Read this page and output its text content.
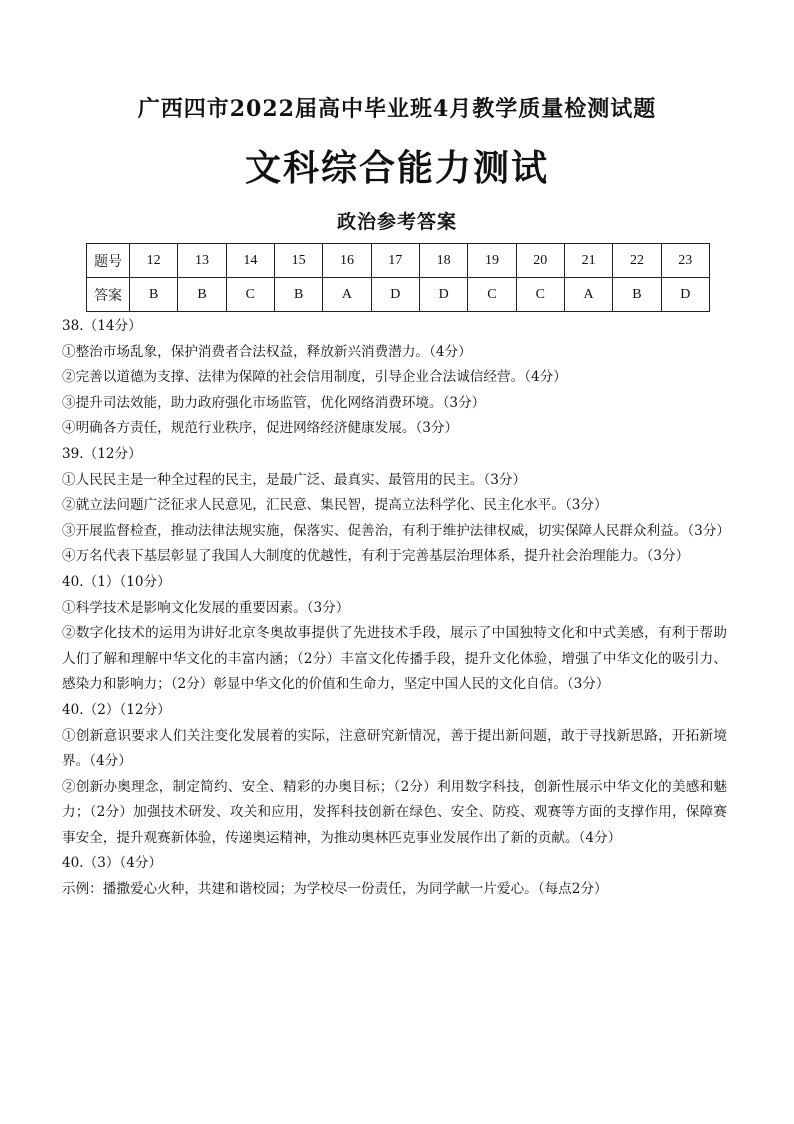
广西四市2022届高中毕业班4月教学质量检测试题
文科综合能力测试
政治参考答案
题号	12	13	14	15	16	17	18	19	20	21	22	23
答案	B	B	C	B	A	D	D	C	C	A	B	D
38.（14分）
①整治市场乱象，保护消费者合法权益，释放新兴消费潜力。（4分）
②完善以道德为支撑、法律为保障的社会信用制度，引导企业合法诚信经营。（4分）
③提升司法效能，助力政府强化市场监管，优化网络消费环境。（3分）
④明确各方责任，规范行业秩序，促进网络经济健康发展。（3分）
39.（12分）
①人民民主是一种全过程的民主，是最广泛、最真实、最管用的民主。（3分）
②就立法问题广泛征求人民意见，汇民意、集民智，提高立法科学化、民主化水平。（3分）
③开展监督检查，推动法律法规实施，保落实、促善治，有利于维护法律权威，切实保障人民群众利益。（3分）
④万名代表下基层彰显了我国人大制度的优越性，有利于完善基层治理体系，提升社会治理能力。（3分）
40.（1）（10分）
①科学技术是影响文化发展的重要因素。（3分）
②数字化技术的运用为讲好北京冬奥故事提供了先进技术手段，展示了中国独特文化和中式美感，有利于帮助人们了解和理解中华文化的丰富内涵；（2分）丰富文化传播手段，提升文化体验，增强了中华文化的吸引力、感染力和影响力；（2分）彰显中华文化的价值和生命力，坚定中国人民的文化自信。（3分）
40.（2）（12分）
①创新意识要求人们关注变化发展着的实际，注意研究新情况，善于提出新问题，敢于寻找新思路，开拓新境界。（4分）
②创新办奥理念，制定简约、安全、精彩的办奥目标；（2分）利用数字科技，创新性展示中华文化的美感和魅力；（2分）加强技术研发、攻关和应用，发挥科技创新在绿色、安全、防疫、观赛等方面的支撑作用，保障赛事安全，提升观赛新体验，传递奥运精神，为推动奥林匹克事业发展作出了新的贡献。（4分）
40.（3）（4分）
示例：播撒爱心火种，共建和谐校园；为学校尽一份责任，为同学献一片爱心。（每点2分）
